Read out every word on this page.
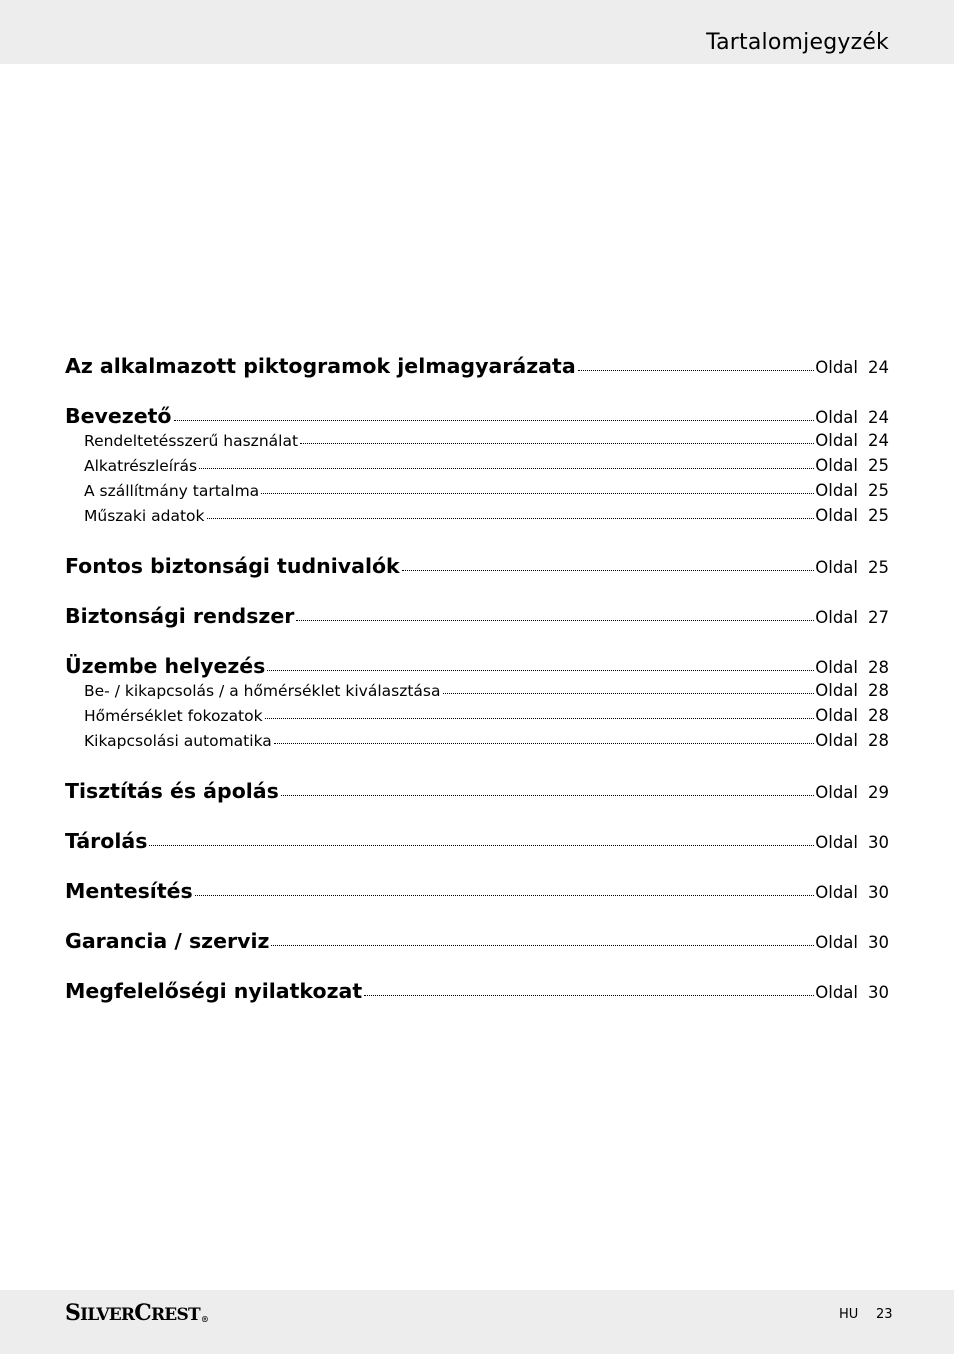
Tartalomjegyzék
Az alkalmazott piktogramok jelmagyarázata	Oldal 24
Bevezető	Oldal 24
Rendeltetésszerű használat	Oldal 24
Alkatrészleírás	Oldal 25
A szállítmány tartalma	Oldal 25
Műszaki adatok	Oldal 25
Fontos biztonsági tudnivalók	Oldal 25
Biztonsági rendszer	Oldal 27
Üzembe helyezés	Oldal 28
Be- / kikapcsolás / a hőmérséklet kiválasztása	Oldal 28
Hőmérséklet fokozatok	Oldal 28
Kikapcsolási automatika	Oldal 28
Tisztítás és ápolás	Oldal 29
Tárolás	Oldal 30
Mentesítés	Oldal 30
Garancia / szerviz	Oldal 30
Megfelelőségi nyilatkozat	Oldal 30
SILVERCREST®	HU 23
